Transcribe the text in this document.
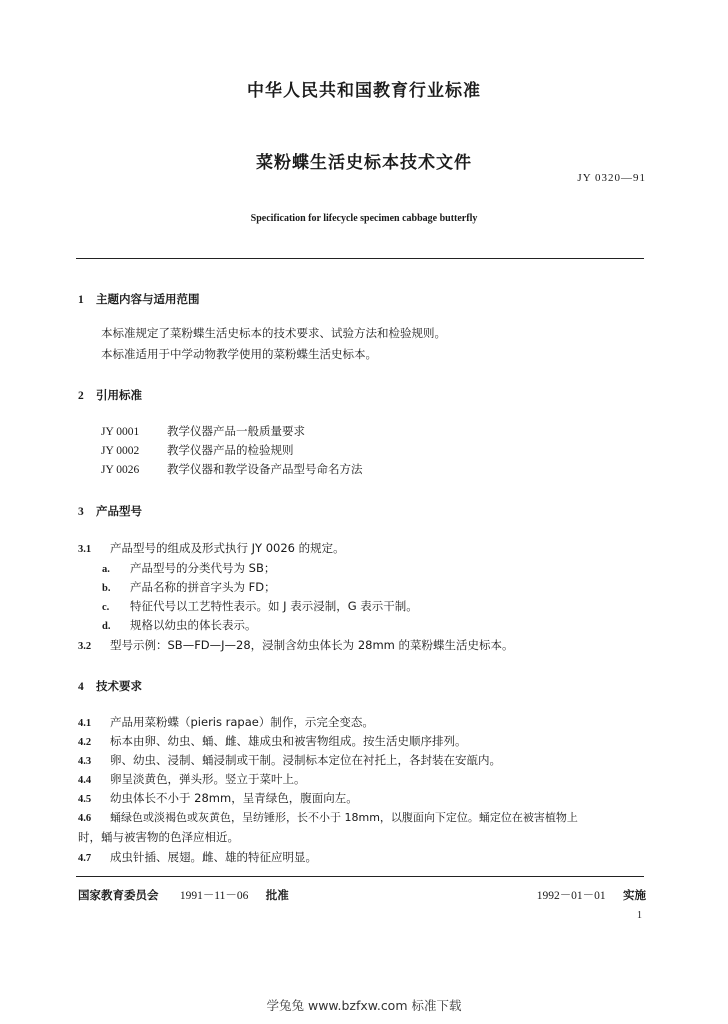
中华人民共和国教育行业标准
菜粉蝶生活史标本技术文件
JY 0320—91
Specification for lifecycle specimen cabbage butterfly
1 主题内容与适用范围
本标准规定了菜粉蝶生活史标本的技术要求、试验方法和检验规则。
本标准适用于中学动物教学使用的菜粉蝶生活史标本。
2 引用标准
JY 0001 教学仪器产品一般质量要求
JY 0002 教学仪器产品的检验规则
JY 0026 教学仪器和教学设备产品型号命名方法
3 产品型号
3.1 产品型号的组成及形式执行 JY 0026 的规定。
a. 产品型号的分类代号为 SB；
b. 产品名称的拼音字头为 FD；
c. 特征代号以工艺特性表示。如 J 表示浸制，G 表示干制。
d. 规格以幼虫的体长表示。
3.2 型号示例：SB—FD—J—28，浸制含幼虫体长为 28mm 的菜粉蝶生活史标本。
4 技术要求
4.1 产品用菜粉蝶（pieris rapae）制作，示完全变态。
4.2 标本由卵、幼虫、蛹、雌、雄成虫和被害物组成。按生活史顺序排列。
4.3 卵、幼虫、浸制、蛹浸制或干制。浸制标本定位在衬托上，各封装在安瓿内。
4.4 卵呈淡黄色，弹头形。竖立于菜叶上。
4.5 幼虫体长不小于 28mm，呈青绿色，腹面向左。
4.6 蛹绿色或淡褐色或灰黄色，呈纺锤形，长不小于 18mm，以腹面向下定位。蛹定位在被害植物上
时，蛹与被害物的色泽应相近。
4.7 成虫针插、展翅。雌、雄的特征应明显。
国家教育委员会 1991－11－06 批准	1992－01－01 实施
1
学兔兔 www.bzfxw.com 标准下载
